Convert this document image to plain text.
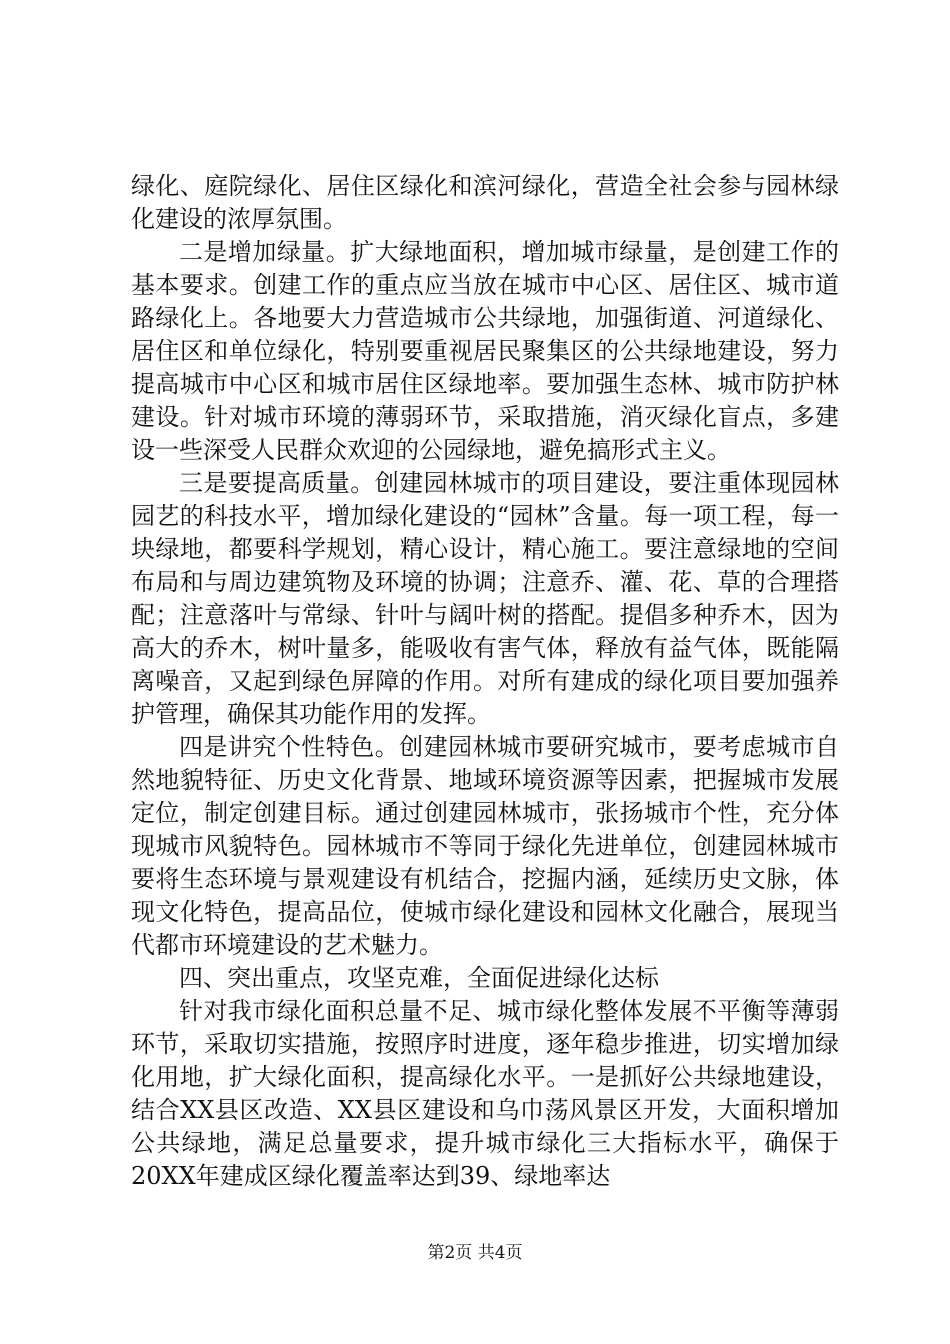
绿化、庭院绿化、居住区绿化和滨河绿化，营造全社会参与园林绿化建设的浓厚氛围。

二是增加绿量。扩大绿地面积，增加城市绿量，是创建工作的基本要求。创建工作的重点应当放在城市中心区、居住区、城市道路绿化上。各地要大力营造城市公共绿地，加强街道、河道绿化、居住区和单位绿化，特别要重视居民聚集区的公共绿地建设，努力提高城市中心区和城市居住区绿地率。要加强生态林、城市防护林建设。针对城市环境的薄弱环节，采取措施，消灭绿化盲点，多建设一些深受人民群众欢迎的公园绿地，避免搞形式主义。

三是要提高质量。创建园林城市的项目建设，要注重体现园林园艺的科技水平，增加绿化建设的“园林”含量。每一项工程，每一块绿地，都要科学规划，精心设计，精心施工。要注意绿地的空间布局和与周边建筑物及环境的协调；注意乔、灌、花、草的合理搭配；注意落叶与常绿、针叶与阔叶树的搭配。提倡多种乔木，因为高大的乔木，树叶量多，能吸收有害气体，释放有益气体，既能隔离噪音，又起到绿色屏障的作用。对所有建成的绿化项目要加强养护管理，确保其功能作用的发挥。

四是讲究个性特色。创建园林城市要研究城市，要考虑城市自然地貌特征、历史文化背景、地域环境资源等因素，把握城市发展定位，制定创建目标。通过创建园林城市，张扬城市个性，充分体现城市风貌特色。园林城市不等同于绿化先进单位，创建园林城市要将生态环境与景观建设有机结合，挖掘内涵，延续历史文脉，体现文化特色，提高品位，使城市绿化建设和园林文化融合，展现当代都市环境建设的艺术魅力。

四、突出重点，攻坚克难，全面促进绿化达标

针对我市绿化面积总量不足、城市绿化整体发展不平衡等薄弱环节，采取切实措施，按照序时进度，逐年稳步推进，切实增加绿化用地，扩大绿化面积，提高绿化水平。一是抓好公共绿地建设，结合XX县区改造、XX县区建设和乌巾荡风景区开发，大面积增加公共绿地，满足总量要求，提升城市绿化三大指标水平，确保于20XX年建成区绿化覆盖率达到39、绿地率达

第2页 共4页
